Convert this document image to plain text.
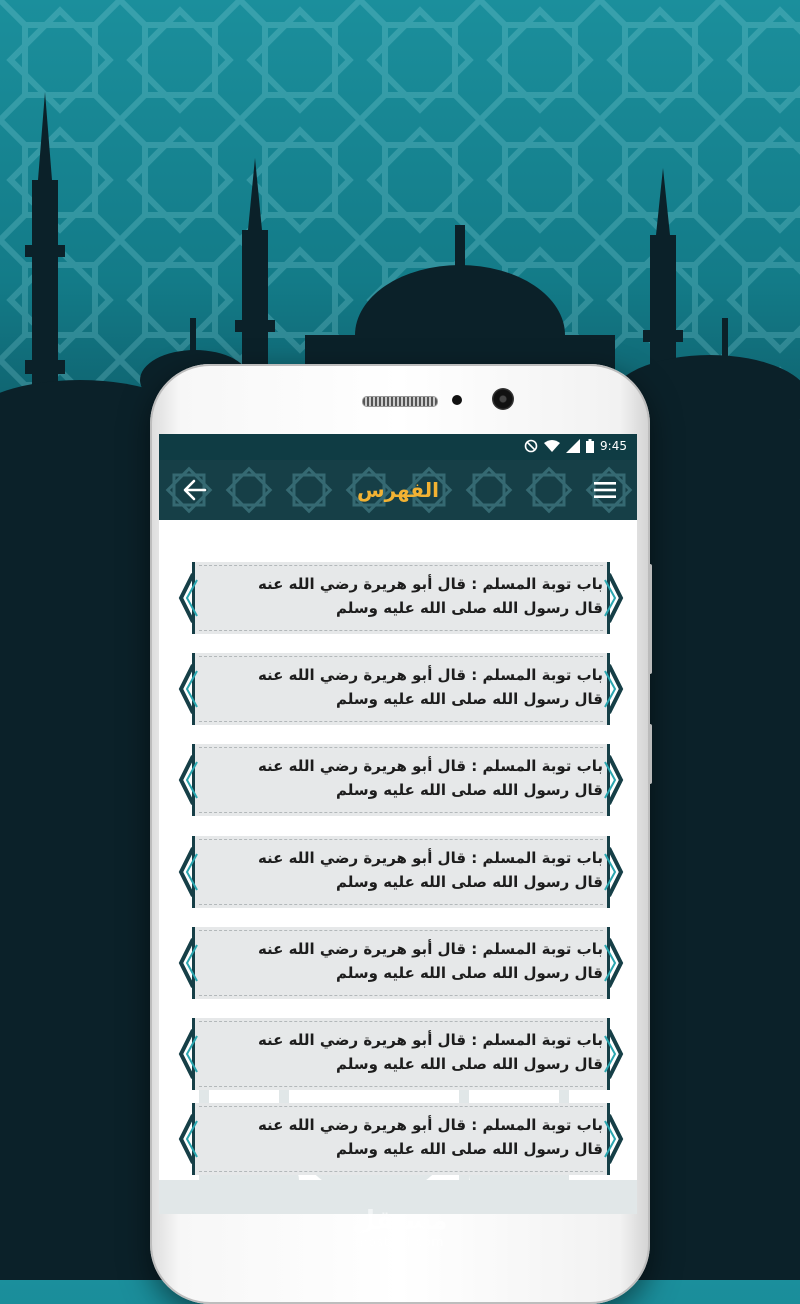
9:45
الفهرس
باب توبة المسلم : قال أبو هريرة رضي الله عنه
قال رسول الله صلى الله عليه وسلم
باب توبة المسلم : قال أبو هريرة رضي الله عنه
قال رسول الله صلى الله عليه وسلم
باب توبة المسلم : قال أبو هريرة رضي الله عنه
قال رسول الله صلى الله عليه وسلم
باب توبة المسلم : قال أبو هريرة رضي الله عنه
قال رسول الله صلى الله عليه وسلم
باب توبة المسلم : قال أبو هريرة رضي الله عنه
قال رسول الله صلى الله عليه وسلم
باب توبة المسلم : قال أبو هريرة رضي الله عنه
قال رسول الله صلى الله عليه وسلم
باب توبة المسلم : قال أبو هريرة رضي الله عنه
قال رسول الله صلى الله عليه وسلم
مستقل
mostaql.com
